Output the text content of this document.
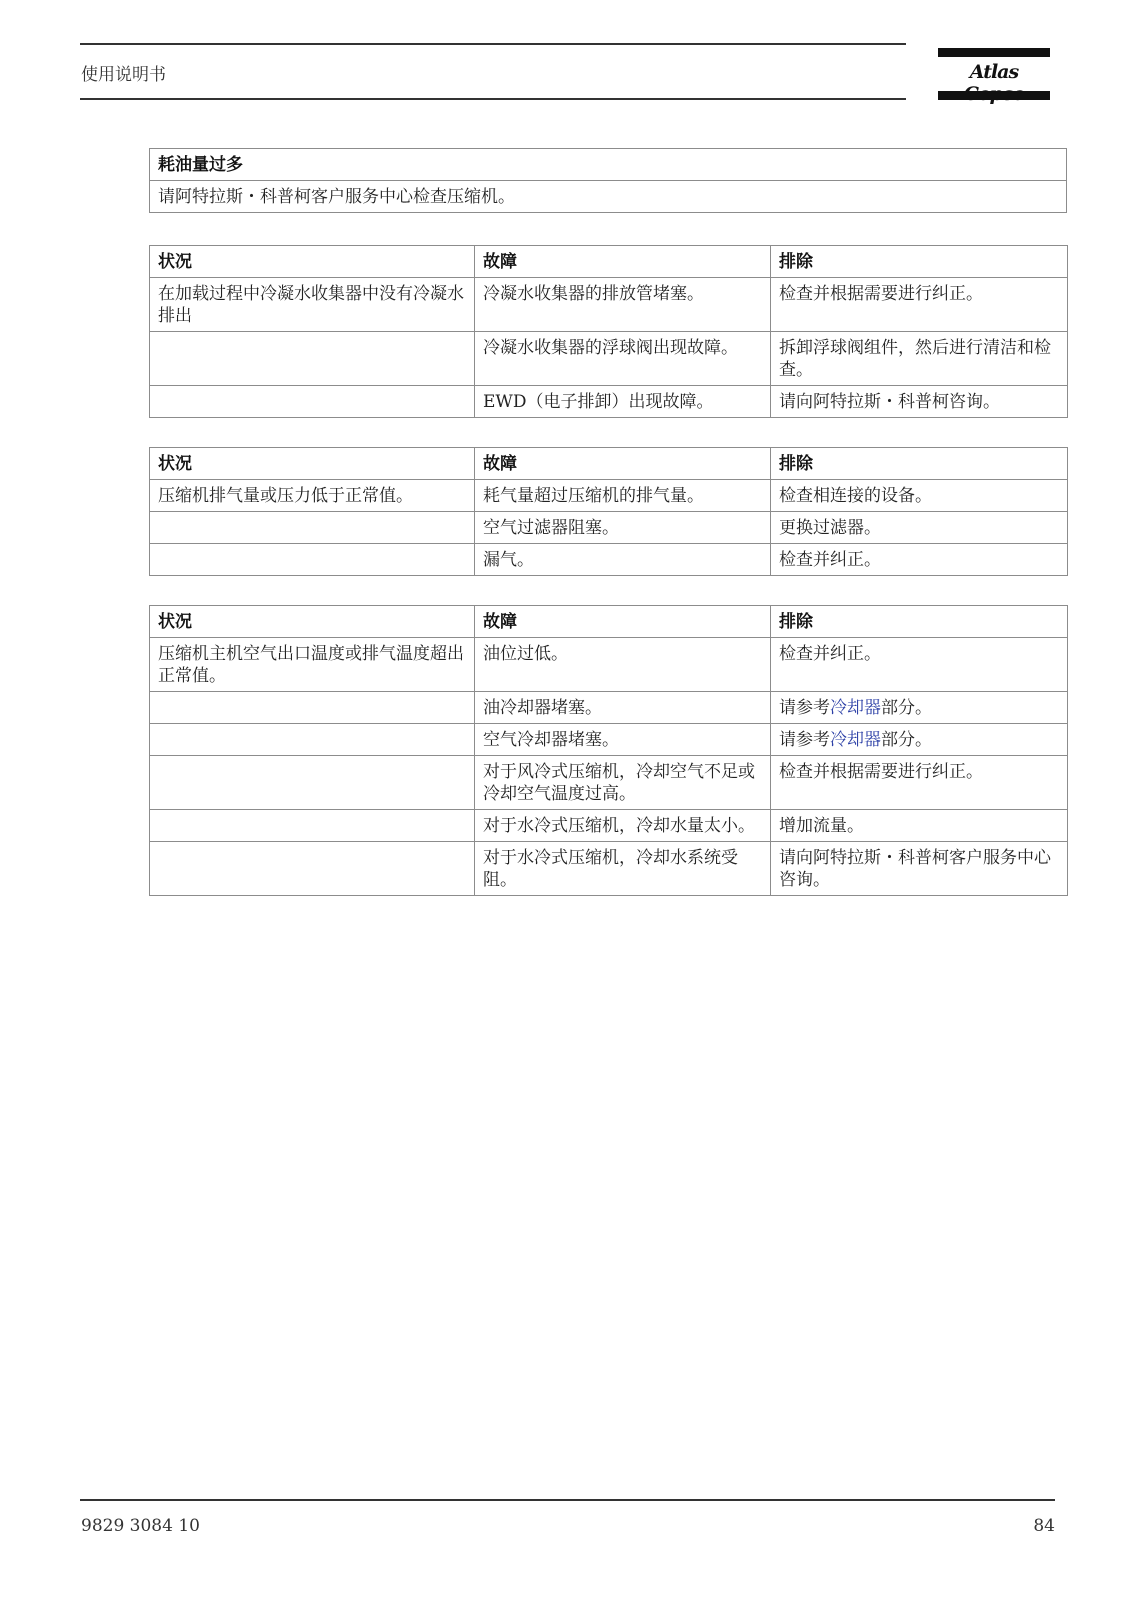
使用说明书	Atlas
耗油量过多
请阿特拉斯・科普柯客户服务中心检查压缩机。
状况	故障	排除
在加载过程中冷凝水收集器中没有冷凝水排出	冷凝水收集器的排放管堵塞。	检查并根据需要进行纠正。
	冷凝水收集器的浮球阀出现故障。	拆卸浮球阀组件，然后进行清洁和检查。
	EWD（电子排卸）出现故障。	请向阿特拉斯・科普柯咨询。
状况	故障	排除
压缩机排气量或压力低于正常值。	耗气量超过压缩机的排气量。	检查相连接的设备。
	空气过滤器阻塞。	更换过滤器。
	漏气。	检查并纠正。
状况	故障	排除
压缩机主机空气出口温度或排气温度超出正常值。	油位过低。	检查并纠正。
	油冷却器堵塞。	请参考冷却器部分。
	空气冷却器堵塞。	请参考冷却器部分。
	对于风冷式压缩机，冷却空气不足或冷却空气温度过高。	检查并根据需要进行纠正。
	对于水冷式压缩机，冷却水量太小。	增加流量。
	对于水冷式压缩机，冷却水系统受阻。	请向阿特拉斯・科普柯客户服务中心咨询。
9829 3084 10	84
